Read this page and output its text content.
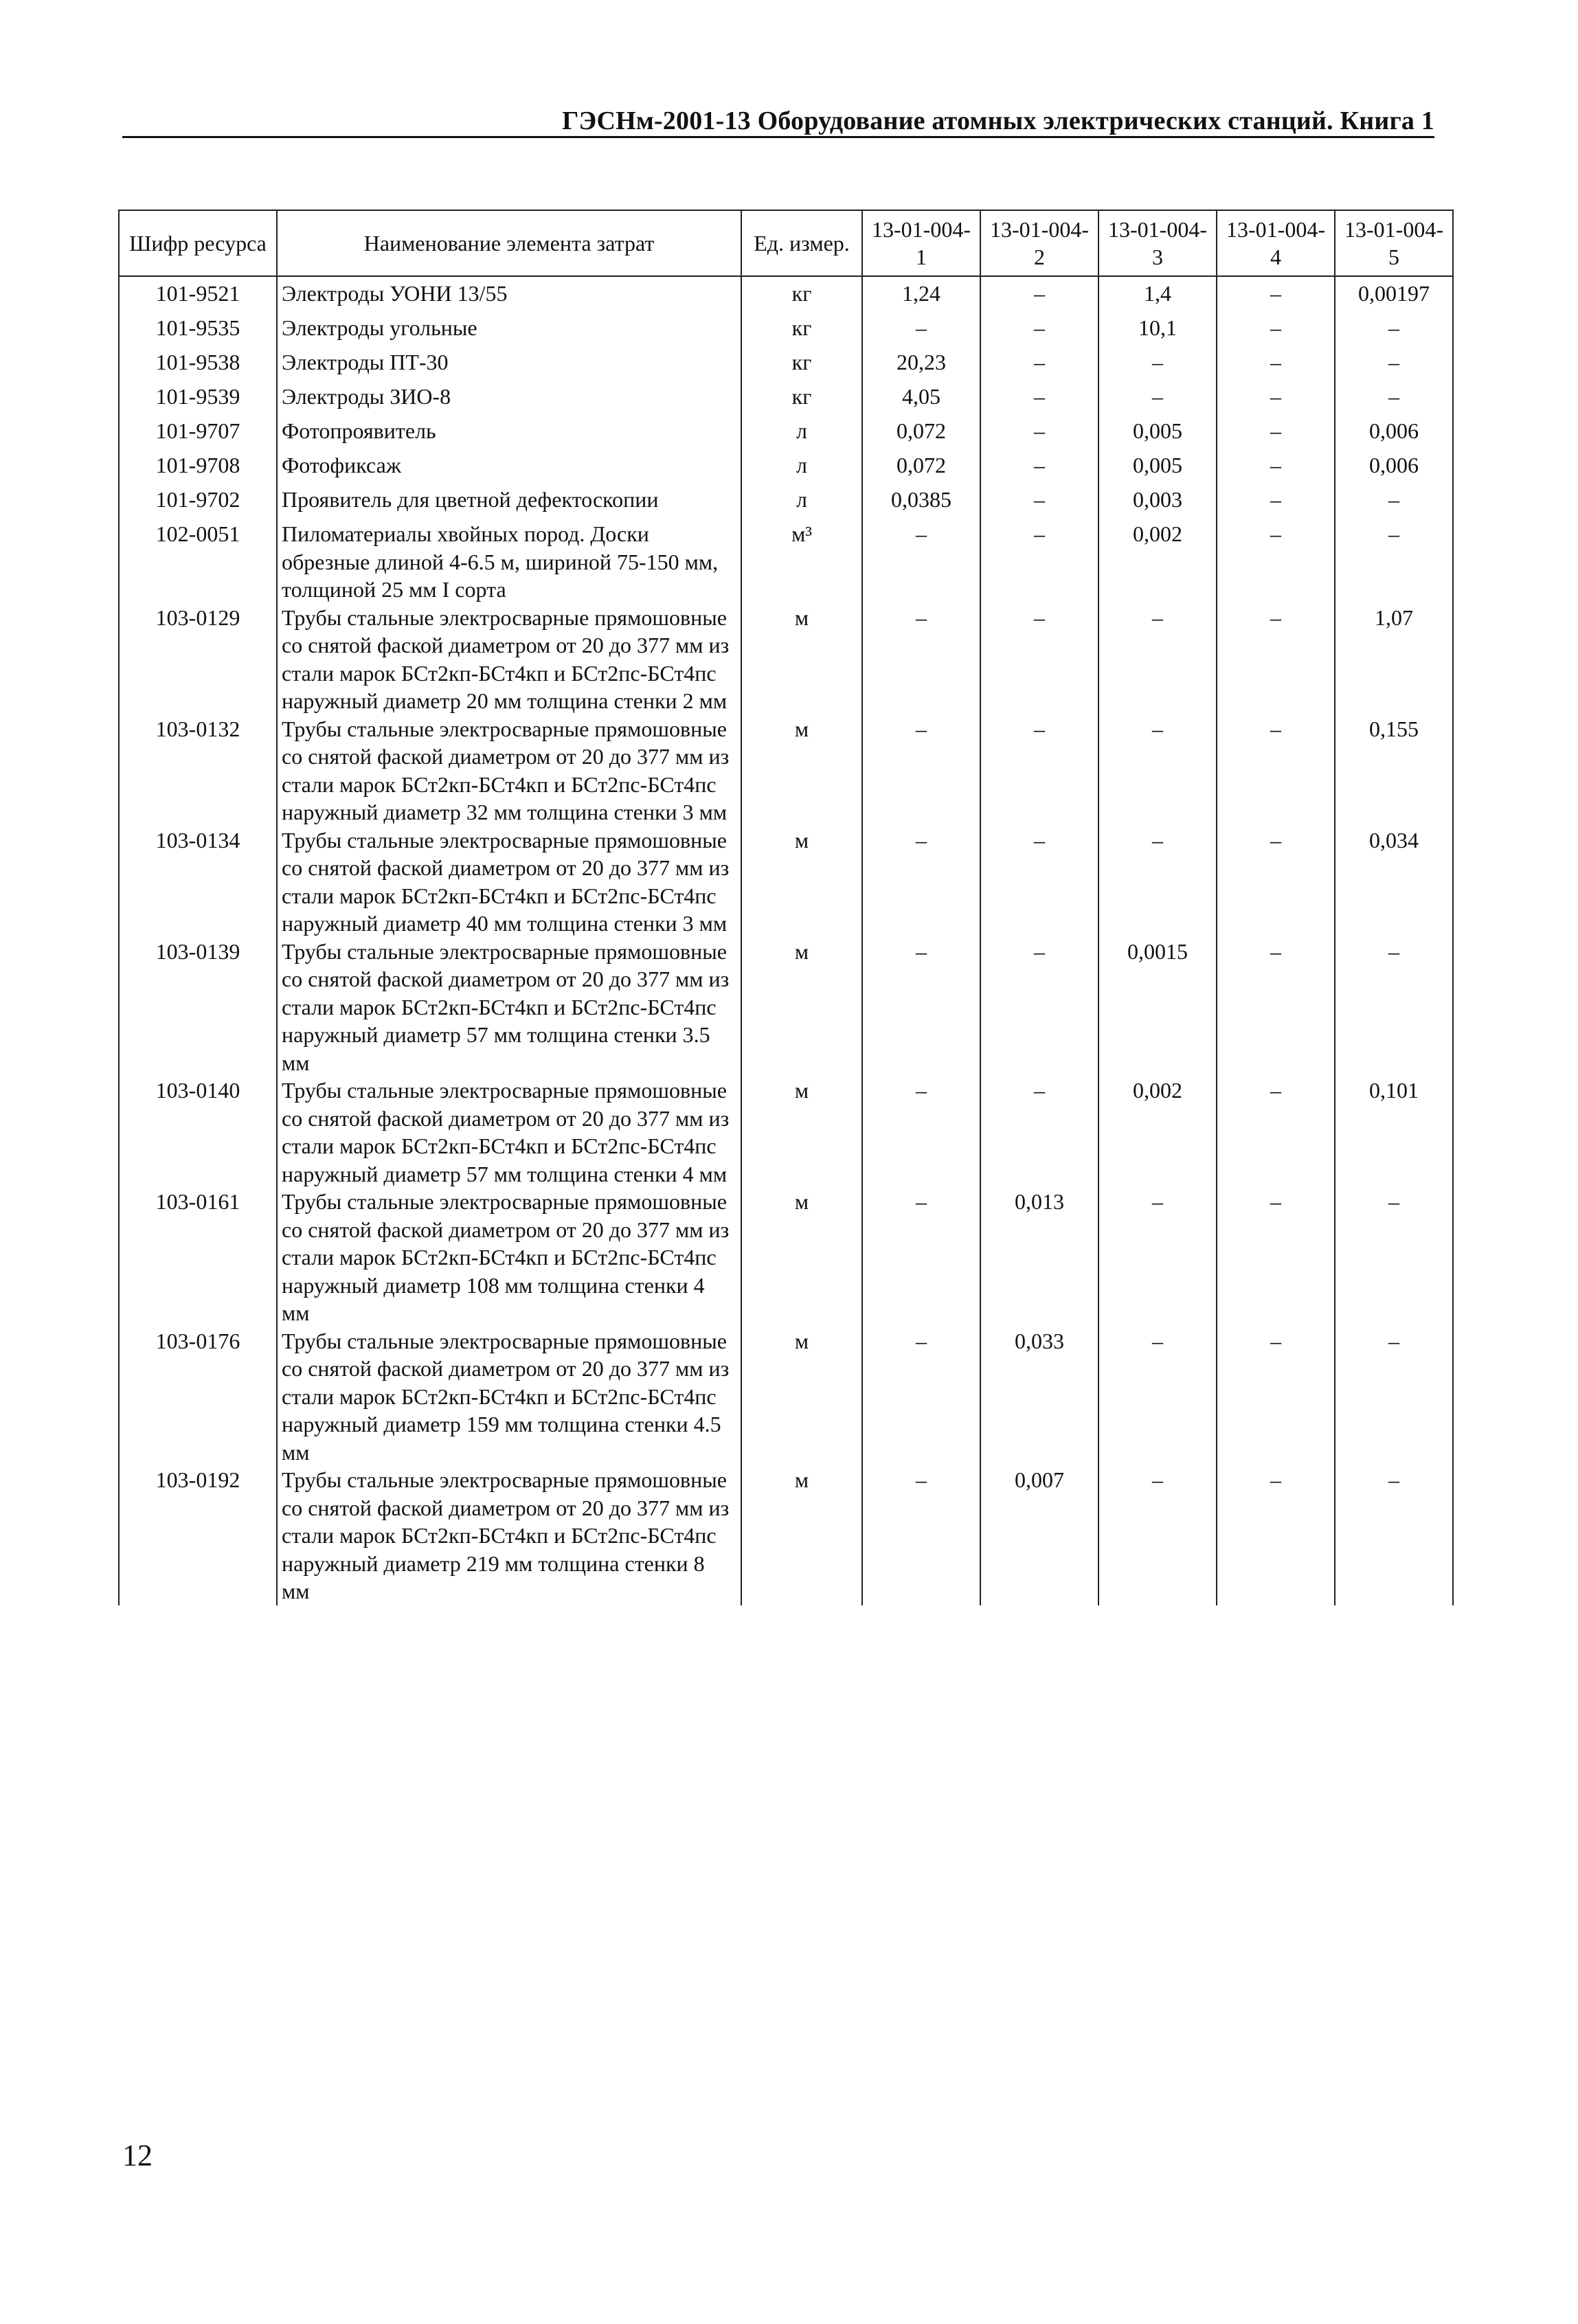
ГЭСНм-2001-13 Оборудование атомных электрических станций. Книга 1
Шифр ресурса	Наименование элемента затрат	Ед. измер.	13-01-004-1	13-01-004-2	13-01-004-3	13-01-004-4	13-01-004-5
101-9521	Электроды УОНИ 13/55	кг	1,24	–	1,4	–	0,00197
101-9535	Электроды угольные	кг	–	–	10,1	–	–
101-9538	Электроды ПТ-30	кг	20,23	–	–	–	–
101-9539	Электроды ЗИО-8	кг	4,05	–	–	–	–
101-9707	Фотопроявитель	л	0,072	–	0,005	–	0,006
101-9708	Фотофиксаж	л	0,072	–	0,005	–	0,006
101-9702	Проявитель для цветной дефектоскопии	л	0,0385	–	0,003	–	–
102-0051	Пиломатериалы хвойных пород. Доски обрезные длиной 4-6.5 м, шириной 75-150 мм, толщиной 25 мм I сорта	м³	–	–	0,002	–	–
103-0129	Трубы стальные электросварные прямошовные со снятой фаской диаметром от 20 до 377 мм из стали марок БСт2кп-БСт4кп и БСт2пс-БСт4пс наружный диаметр 20 мм толщина стенки 2 мм	м	–	–	–	–	1,07
103-0132	Трубы стальные электросварные прямошовные со снятой фаской диаметром от 20 до 377 мм из стали марок БСт2кп-БСт4кп и БСт2пс-БСт4пс наружный диаметр 32 мм толщина стенки 3 мм	м	–	–	–	–	0,155
103-0134	Трубы стальные электросварные прямошовные со снятой фаской диаметром от 20 до 377 мм из стали марок БСт2кп-БСт4кп и БСт2пс-БСт4пс наружный диаметр 40 мм толщина стенки 3 мм	м	–	–	–	–	0,034
103-0139	Трубы стальные электросварные прямошовные со снятой фаской диаметром от 20 до 377 мм из стали марок БСт2кп-БСт4кп и БСт2пс-БСт4пс наружный диаметр 57 мм толщина стенки 3.5 мм	м	–	–	0,0015	–	–
103-0140	Трубы стальные электросварные прямошовные со снятой фаской диаметром от 20 до 377 мм из стали марок БСт2кп-БСт4кп и БСт2пс-БСт4пс наружный диаметр 57 мм толщина стенки 4 мм	м	–	–	0,002	–	0,101
103-0161	Трубы стальные электросварные прямошовные со снятой фаской диаметром от 20 до 377 мм из стали марок БСт2кп-БСт4кп и БСт2пс-БСт4пс наружный диаметр 108 мм толщина стенки 4 мм	м	–	0,013	–	–	–
103-0176	Трубы стальные электросварные прямошовные со снятой фаской диаметром от 20 до 377 мм из стали марок БСт2кп-БСт4кп и БСт2пс-БСт4пс наружный диаметр 159 мм толщина стенки 4.5 мм	м	–	0,033	–	–	–
103-0192	Трубы стальные электросварные прямошовные со снятой фаской диаметром от 20 до 377 мм из стали марок БСт2кп-БСт4кп и БСт2пс-БСт4пс наружный диаметр 219 мм толщина стенки 8 мм	м	–	0,007	–	–	–
12
